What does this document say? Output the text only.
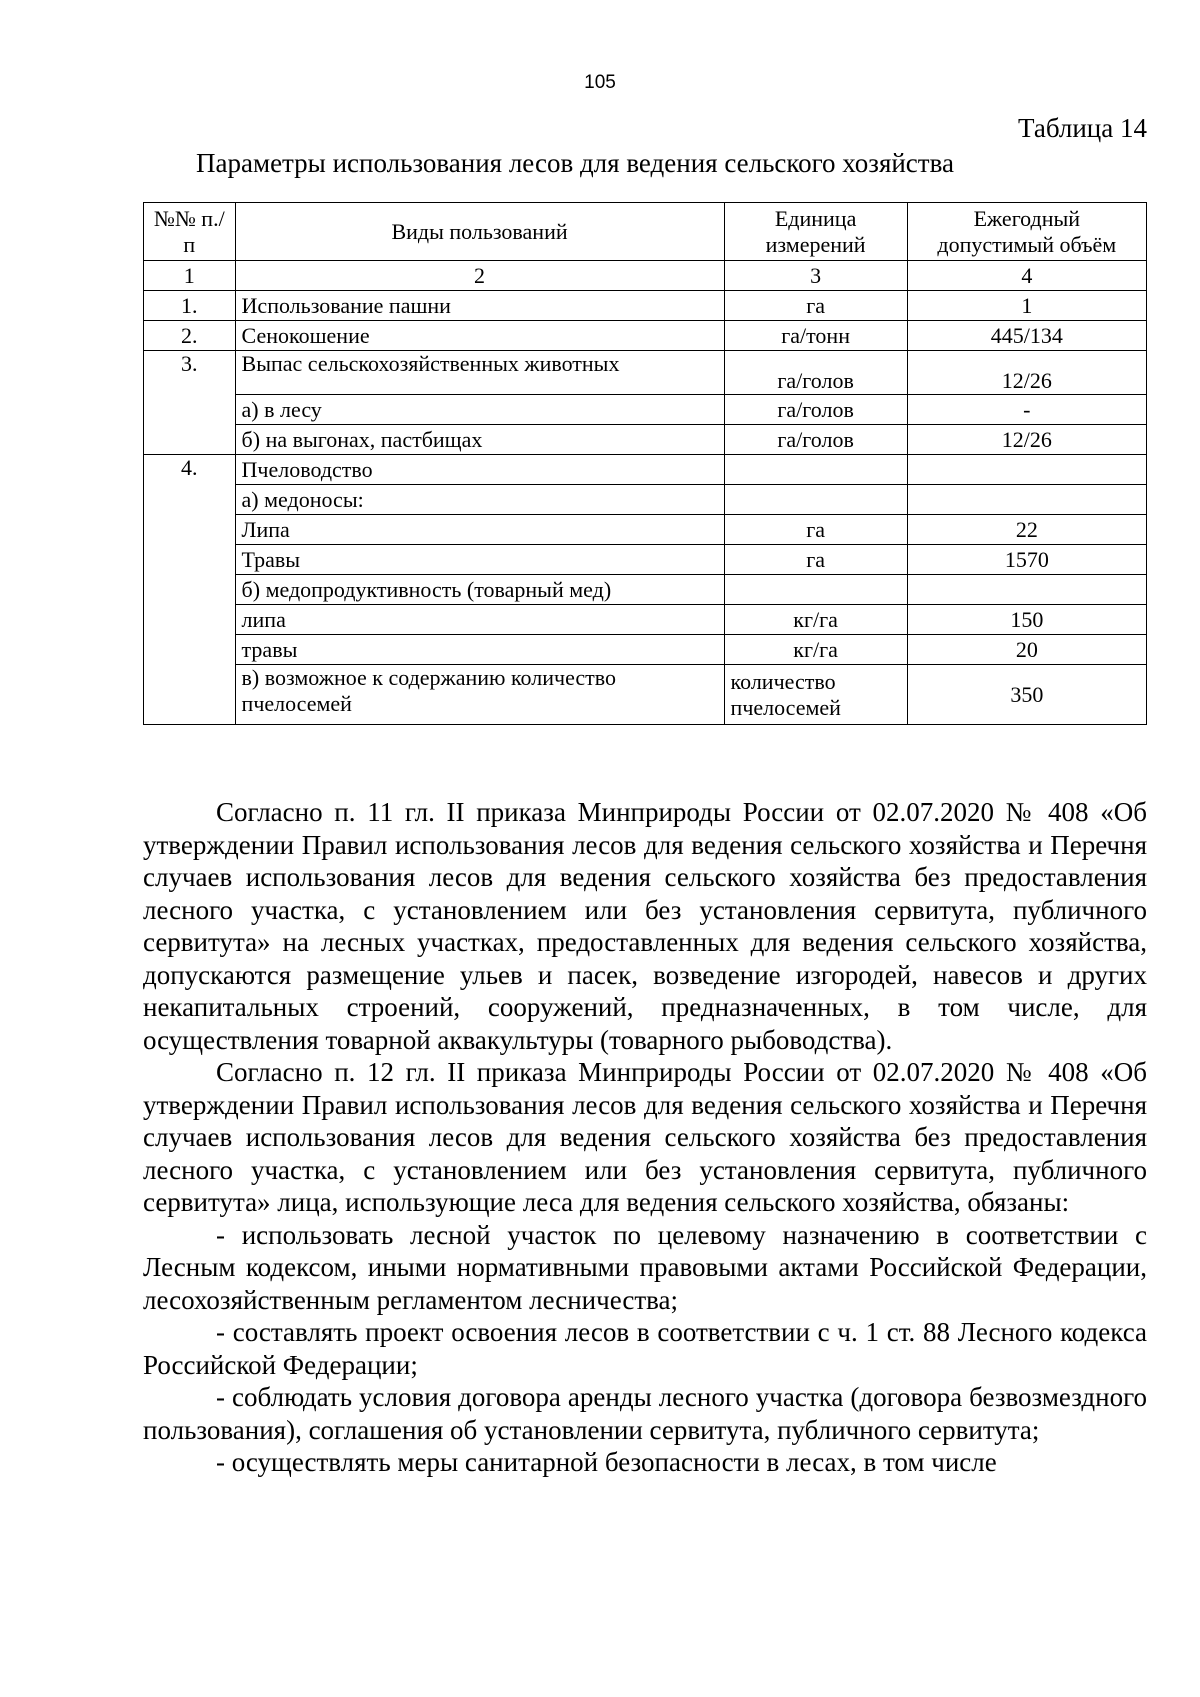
105
Таблица 14
Параметры использования лесов для ведения сельского хозяйства
№№ п./п	Виды пользований	Единица измерений	Ежегодный допустимый объём
1	2	3	4
1.	Использование пашни	га	1
2.	Сенокошение	га/тонн	445/134
3.	Выпас сельскохозяйственных животных	га/голов	12/26
	а) в лесу	га/голов	-
	б) на выгонах, пастбищах	га/голов	12/26
4.	Пчеловодство		
	а) медоносы:		
	Липа	га	22
	Травы	га	1570
	б) медопродуктивность (товарный мед)		
	липа	кг/га	150
	травы	кг/га	20
	в) возможное к содержанию количество пчелосемей	количество пчелосемей	350

Согласно п. 11 гл. II приказа Минприроды России от 02.07.2020 № 408 «Об утверждении Правил использования лесов для ведения сельского хозяйства и Перечня случаев использования лесов для ведения сельского хозяйства без предоставления лесного участка, с установлением или без установления сервитута, публичного сервитута» на лесных участках, предоставленных для ведения сельского хозяйства, допускаются размещение ульев и пасек, возведение изгородей, навесов и других некапитальных строений, сооружений, предназначенных, в том числе, для осуществления товарной аквакультуры (товарного рыбоводства).

Согласно п. 12 гл. II приказа Минприроды России от 02.07.2020 № 408 «Об утверждении Правил использования лесов для ведения сельского хозяйства и Перечня случаев использования лесов для ведения сельского хозяйства без предоставления лесного участка, с установлением или без установления сервитута, публичного сервитута» лица, использующие леса для ведения сельского хозяйства, обязаны:

- использовать лесной участок по целевому назначению в соответствии с Лесным кодексом, иными нормативными правовыми актами Российской Федерации, лесохозяйственным регламентом лесничества;

- составлять проект освоения лесов в соответствии с ч. 1 ст. 88 Лесного кодекса Российской Федерации;

- соблюдать условия договора аренды лесного участка (договора безвозмездного пользования), соглашения об установлении сервитута, публичного сервитута;

- осуществлять меры санитарной безопасности в лесах, в том числе
